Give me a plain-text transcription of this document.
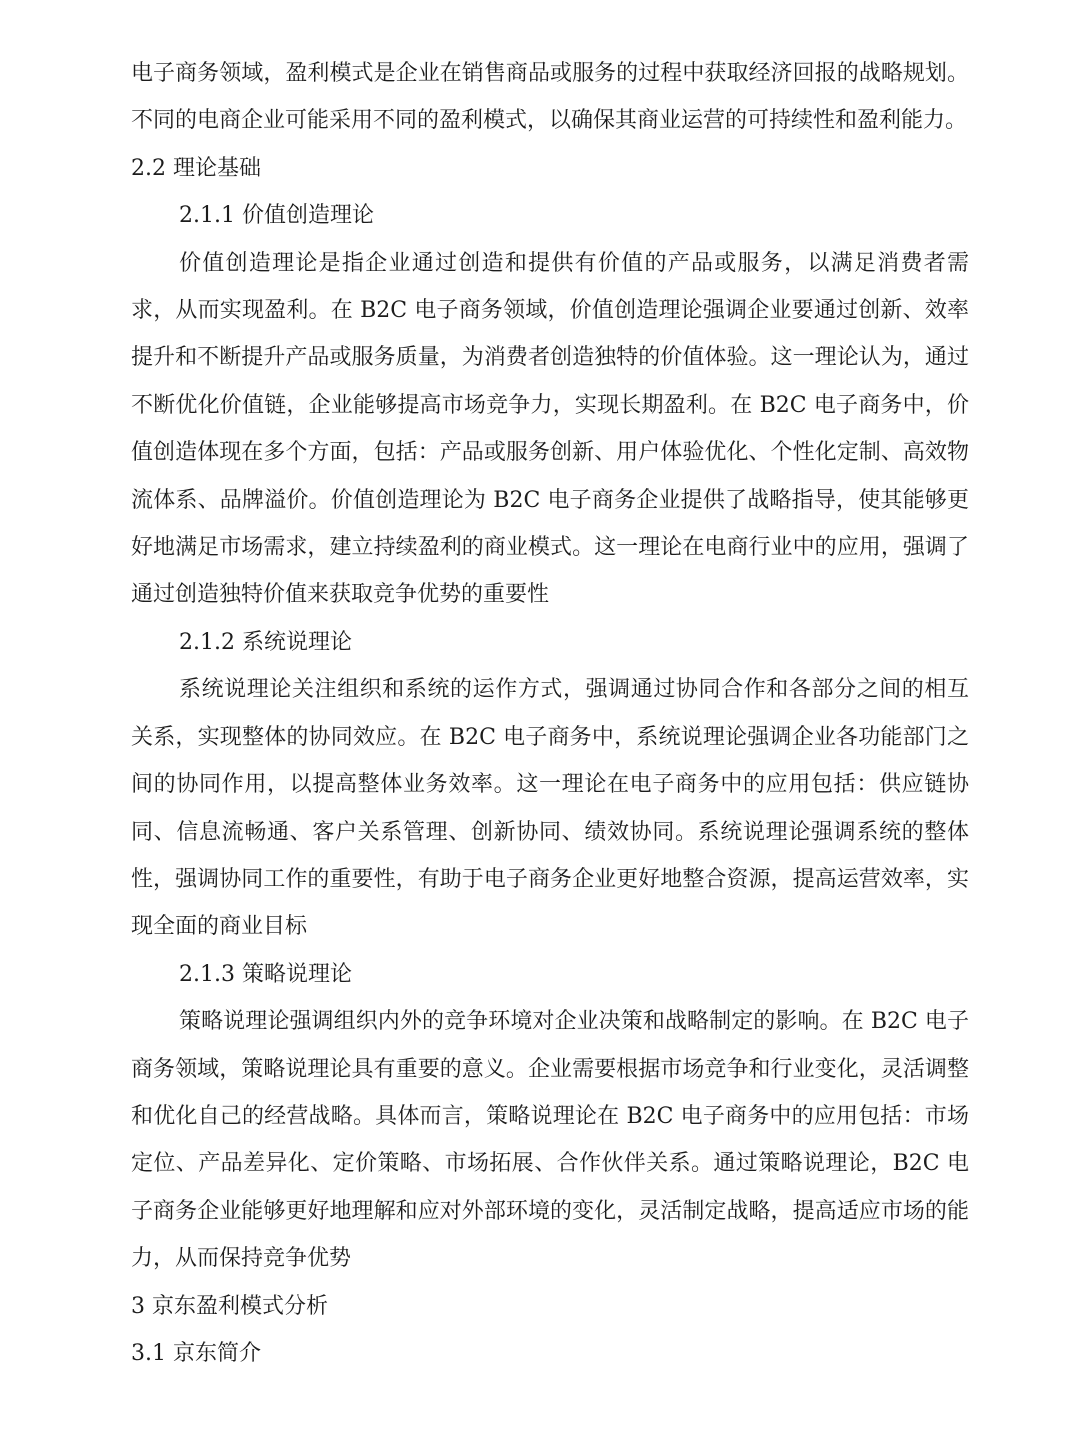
电子商务领域，盈利模式是企业在销售商品或服务的过程中获取经济回报的战略规划。不同的电商企业可能采用不同的盈利模式，以确保其商业运营的可持续性和盈利能力。

2.2 理论基础

2.1.1 价值创造理论

价值创造理论是指企业通过创造和提供有价值的产品或服务，以满足消费者需求，从而实现盈利。在 B2C 电子商务领域，价值创造理论强调企业要通过创新、效率提升和不断提升产品或服务质量，为消费者创造独特的价值体验。这一理论认为，通过不断优化价值链，企业能够提高市场竞争力，实现长期盈利。在 B2C 电子商务中，价值创造体现在多个方面，包括：产品或服务创新、用户体验优化、个性化定制、高效物流体系、品牌溢价。价值创造理论为 B2C 电子商务企业提供了战略指导，使其能够更好地满足市场需求，建立持续盈利的商业模式。这一理论在电商行业中的应用，强调了通过创造独特价值来获取竞争优势的重要性

2.1.2 系统说理论

系统说理论关注组织和系统的运作方式，强调通过协同合作和各部分之间的相互关系，实现整体的协同效应。在 B2C 电子商务中，系统说理论强调企业各功能部门之间的协同作用，以提高整体业务效率。这一理论在电子商务中的应用包括：供应链协同、信息流畅通、客户关系管理、创新协同、绩效协同。系统说理论强调系统的整体性，强调协同工作的重要性，有助于电子商务企业更好地整合资源，提高运营效率，实现全面的商业目标

2.1.3 策略说理论

策略说理论强调组织内外的竞争环境对企业决策和战略制定的影响。在 B2C 电子商务领域，策略说理论具有重要的意义。企业需要根据市场竞争和行业变化，灵活调整和优化自己的经营战略。具体而言，策略说理论在 B2C 电子商务中的应用包括：市场定位、产品差异化、定价策略、市场拓展、合作伙伴关系。通过策略说理论，B2C 电子商务企业能够更好地理解和应对外部环境的变化，灵活制定战略，提高适应市场的能力，从而保持竞争优势

3 京东盈利模式分析

3.1 京东简介
